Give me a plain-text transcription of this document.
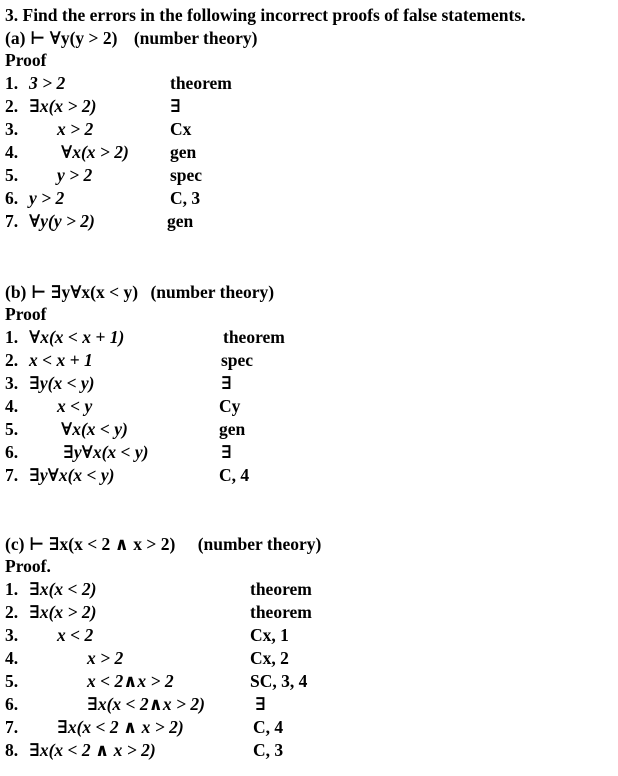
3. Find the errors in the following incorrect proofs of false statements.
(a) ⊢ ∀y(y > 2) (number theory)
Proof
1. 3 > 2	theorem
2. ∃x(x > 2)	∃
3. x > 2	Cx
4. ∀x(x > 2) gen
5. y > 2	spec
6. y > 2	C, 3
7. ∀y(y > 2)	gen
(b) ⊢ ∃y∀x(x < y) (number theory)
Proof
1. ∀x(x < x + 1)	theorem
2. x < x + 1	spec
3. ∃y(x < y)	∃
4. x < y	Cy
5. ∀x(x < y)	gen
6.	∃y∀x(x < y)	∃
7. ∃y∀x(x < y)	C, 4
(c) ⊢ ∃x(x < 2 ∧ x > 2) (number theory)
Proof.
1. ∃x(x < 2)	theorem
2. ∃x(x > 2)	theorem
3. x < 2	Cx, 1
4.	x > 2	Cx, 2
5.	x < 2∧x > 2	SC, 3, 4
6.	∃x(x < 2∧x > 2)	∃
7. ∃x(x < 2 ∧ x > 2)	C, 4
8. ∃x(x < 2 ∧ x > 2)	C, 3
